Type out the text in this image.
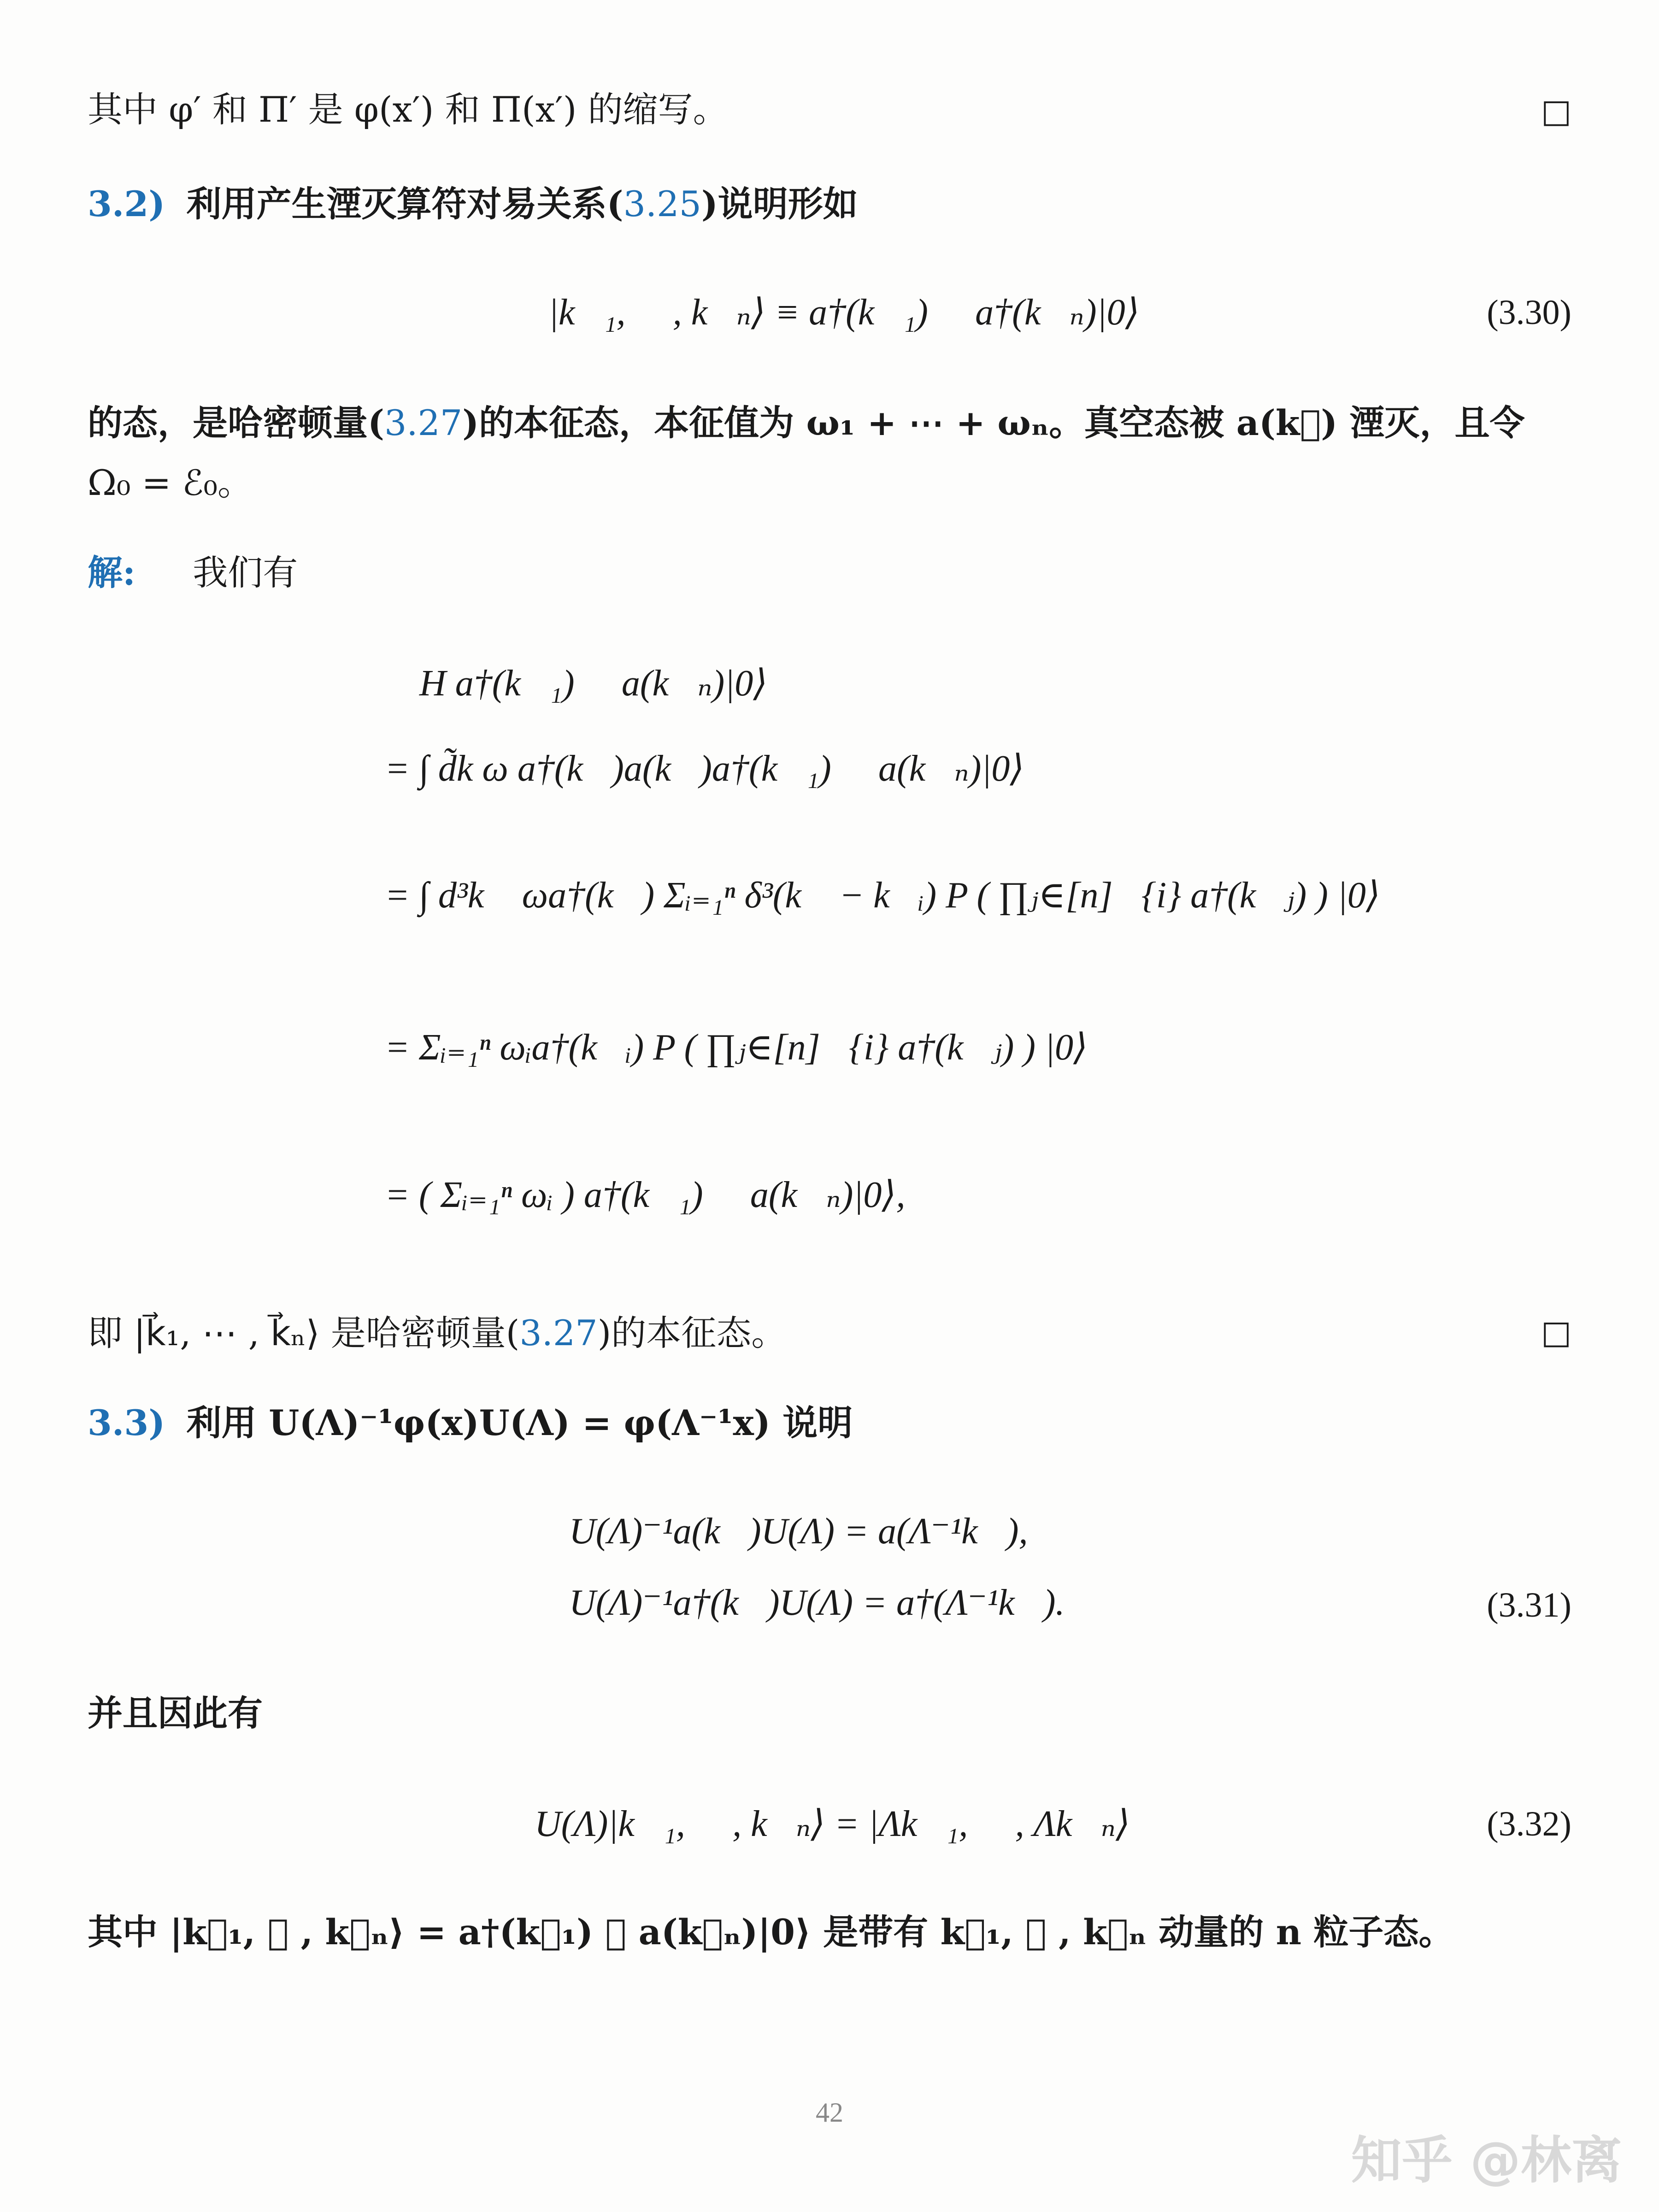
其中 φ′ 和 Π′ 是 φ(x′) 和 Π(x′) 的缩写。	□
3.2) 利用产生湮灭算符对易关系(3.25)说明形如
|k⃗₁, ⋯ , k⃗ₙ⟩ ≡ a†(k⃗₁) ⋯ a†(k⃗ₙ)|0⟩	(3.30)
的态，是哈密顿量(3.27)的本征态，本征值为 ω₁ + ⋯ + ωₙ。真空态被 a(k⃗) 湮灭，且令
Ω₀ = ℰ₀。
解: 我们有
H a†(k⃗₁) ⋯ a(k⃗ₙ)|0⟩
= ∫ d͂k ω a†(k⃗)a(k⃗)a†(k⃗₁) ⋯ a(k⃗ₙ)|0⟩
= ∫ d³k⃗ ωa†(k⃗) Σᵢ₌₁ⁿ δ³(k⃗ − k⃗ᵢ) P ( ∏ⱼ∈[n]∖{i} a†(k⃗ⱼ) ) |0⟩
= Σᵢ₌₁ⁿ ωᵢa†(k⃗ᵢ) P ( ∏ⱼ∈[n]∖{i} a†(k⃗ⱼ) ) |0⟩
= ( Σᵢ₌₁ⁿ ωᵢ ) a†(k⃗₁) ⋯ a(k⃗ₙ)|0⟩,
即 |k⃗₁, ⋯ , k⃗ₙ⟩ 是哈密顿量(3.27)的本征态。	□
3.3) 利用 U(Λ)⁻¹φ(x)U(Λ) = φ(Λ⁻¹x) 说明
U(Λ)⁻¹a(k⃗)U(Λ) = a(Λ⁻¹k⃗),
U(Λ)⁻¹a†(k⃗)U(Λ) = a†(Λ⁻¹k⃗).	(3.31)
并且因此有
U(Λ)|k⃗₁, ⋯ , k⃗ₙ⟩ = |Λk⃗₁, ⋯ , Λk⃗ₙ⟩	(3.32)
其中 |k⃗₁, ⋯ , k⃗ₙ⟩ = a†(k⃗₁) ⋯ a(k⃗ₙ)|0⟩ 是带有 k⃗₁, ⋯ , k⃗ₙ 动量的 n 粒子态。
42
知乎 @林离
